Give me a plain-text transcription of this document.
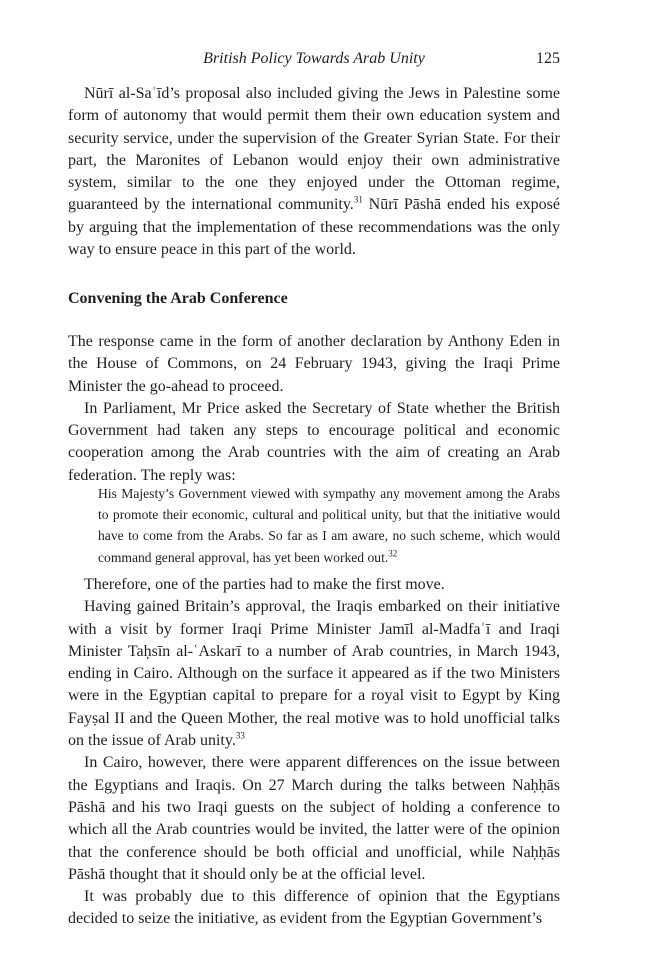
British Policy Towards Arab Unity	125

Nūrī al-Saʿīd’s proposal also included giving the Jews in Palestine some form of autonomy that would permit them their own education system and security service, under the supervision of the Greater Syrian State. For their part, the Maronites of Lebanon would enjoy their own administrative system, similar to the one they enjoyed under the Ottoman regime, guaranteed by the international community.$^{31}$ Nūrī Pāshā ended his exposé by arguing that the implementation of these recommendations was the only way to ensure peace in this part of the world.

Convening the Arab Conference

The response came in the form of another declaration by Anthony Eden in the House of Commons, on 24 February 1943, giving the Iraqi Prime Minister the go-ahead to proceed.

In Parliament, Mr Price asked the Secretary of State whether the British Government had taken any steps to encourage political and economic cooperation among the Arab countries with the aim of creating an Arab federation. The reply was:

His Majesty’s Government viewed with sympathy any movement among the Arabs to promote their economic, cultural and political unity, but that the initiative would have to come from the Arabs. So far as I am aware, no such scheme, which would command general approval, has yet been worked out.$^{32}$

Therefore, one of the parties had to make the first move.

Having gained Britain’s approval, the Iraqis embarked on their initiative with a visit by former Iraqi Prime Minister Jamīl al-Madfaʿī and Iraqi Minister Taḥsīn al-ʿAskarī to a number of Arab countries, in March 1943, ending in Cairo. Although on the surface it appeared as if the two Ministers were in the Egyptian capital to prepare for a royal visit to Egypt by King Fayṣal II and the Queen Mother, the real motive was to hold unofficial talks on the issue of Arab unity.$^{33}$

In Cairo, however, there were apparent differences on the issue between the Egyptians and Iraqis. On 27 March during the talks between Naḥḥās Pāshā and his two Iraqi guests on the subject of holding a conference to which all the Arab countries would be invited, the latter were of the opinion that the conference should be both official and unofficial, while Naḥḥās Pāshā thought that it should only be at the official level.

It was probably due to this difference of opinion that the Egyptians decided to seize the initiative, as evident from the Egyptian Government’s
